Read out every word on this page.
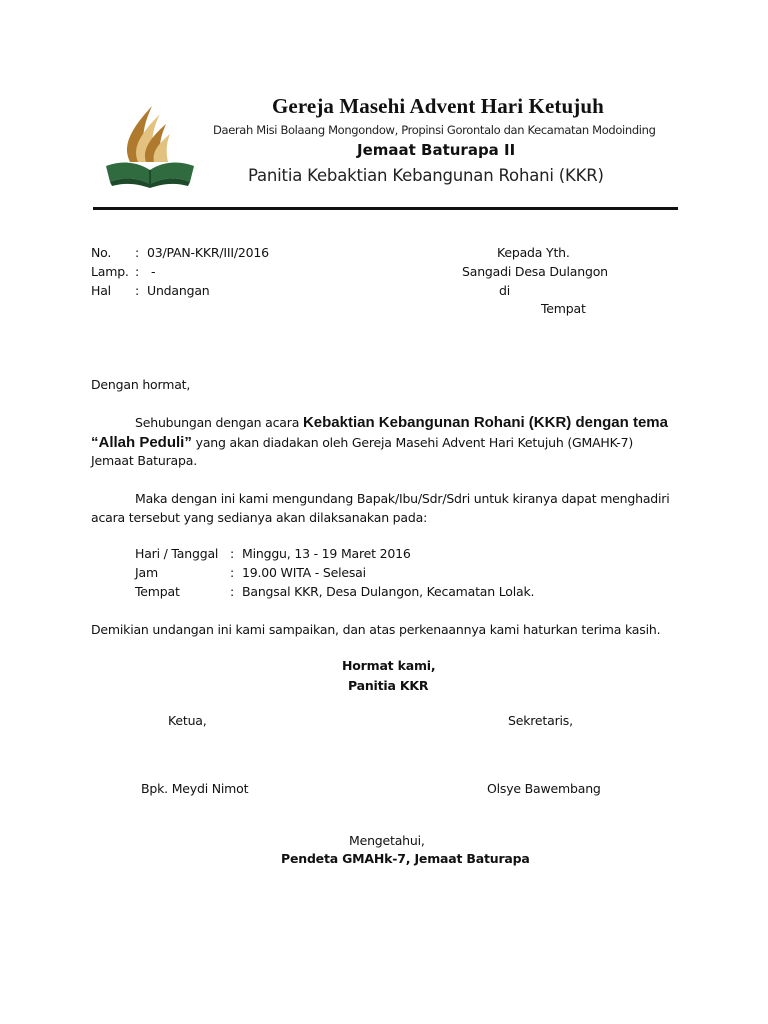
Gereja Masehi Advent Hari Ketujuh
Daerah Misi Bolaang Mongondow, Propinsi Gorontalo dan Kecamatan Modoinding
Jemaat Baturapa II
Panitia Kebaktian Kebangunan Rohani (KKR)
No. : 03/PAN-KKR/III/2016
Lamp. : -
Hal : Undangan
Kepada Yth.
Sangadi Desa Dulangon
di
Tempat
Dengan hormat,
Sehubungan dengan acara Kebaktian Kebangunan Rohani (KKR) dengan tema
“Allah Peduli” yang akan diadakan oleh Gereja Masehi Advent Hari Ketujuh (GMAHK-7)
Jemaat Baturapa.
Maka dengan ini kami mengundang Bapak/Ibu/Sdr/Sdri untuk kiranya dapat menghadiri
acara tersebut yang sedianya akan dilaksanakan pada:
Hari / Tanggal : Minggu, 13 - 19 Maret 2016
Jam	: 19.00 WITA - Selesai
Tempat	: Bangsal KKR, Desa Dulangon, Kecamatan Lolak.
Demikian undangan ini kami sampaikan, dan atas perkenaannya kami haturkan terima kasih.
Hormat kami,
Panitia KKR
Ketua,	Sekretaris,
Bpk. Meydi Nimot	Olsye Bawembang
Mengetahui,
Pendeta GMAHk-7, Jemaat Baturapa
